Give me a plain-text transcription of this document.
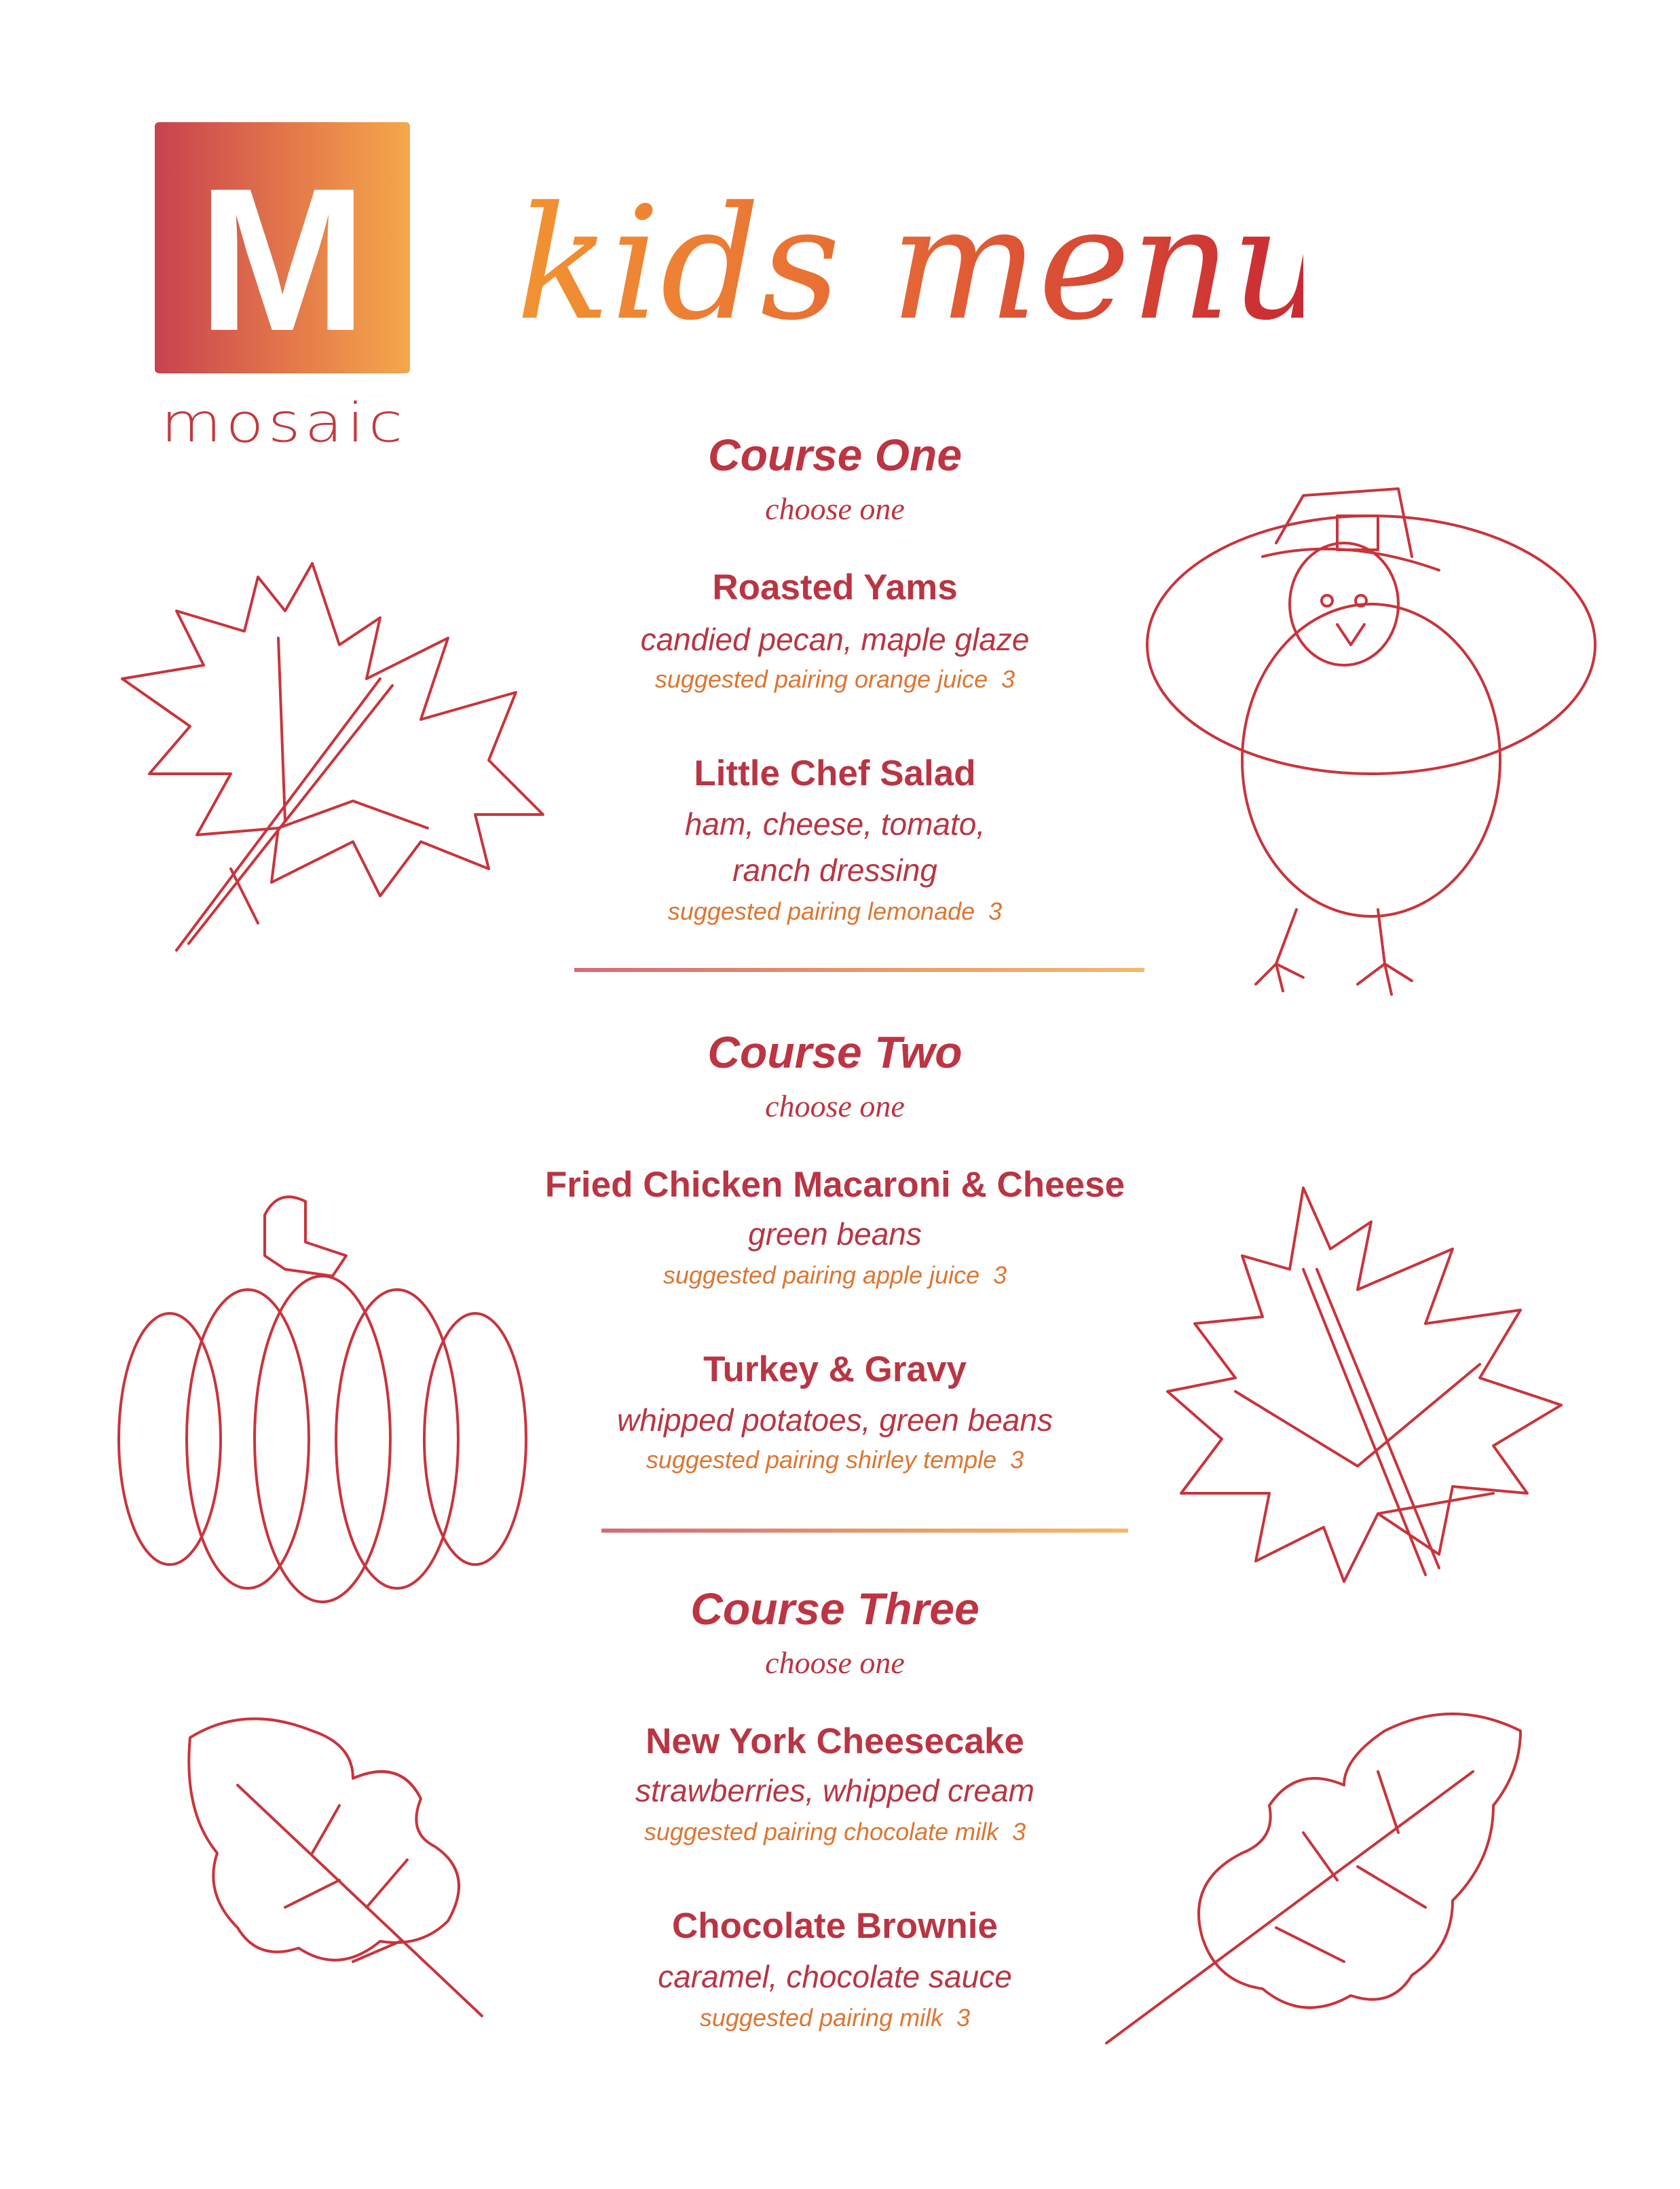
M
mosaic
kids menu
Course One
choose one
Roasted Yams
candied pecan, maple glaze
suggested pairing orange juice  3
Little Chef Salad
ham, cheese, tomato,
ranch dressing
suggested pairing lemonade  3
Course Two
choose one
Fried Chicken Macaroni & Cheese
green beans
suggested pairing apple juice  3
Turkey & Gravy
whipped potatoes, green beans
suggested pairing shirley temple  3
Course Three
choose one
New York Cheesecake
strawberries, whipped cream
suggested pairing chocolate milk  3
Chocolate Brownie
caramel, chocolate sauce
suggested pairing milk  3
